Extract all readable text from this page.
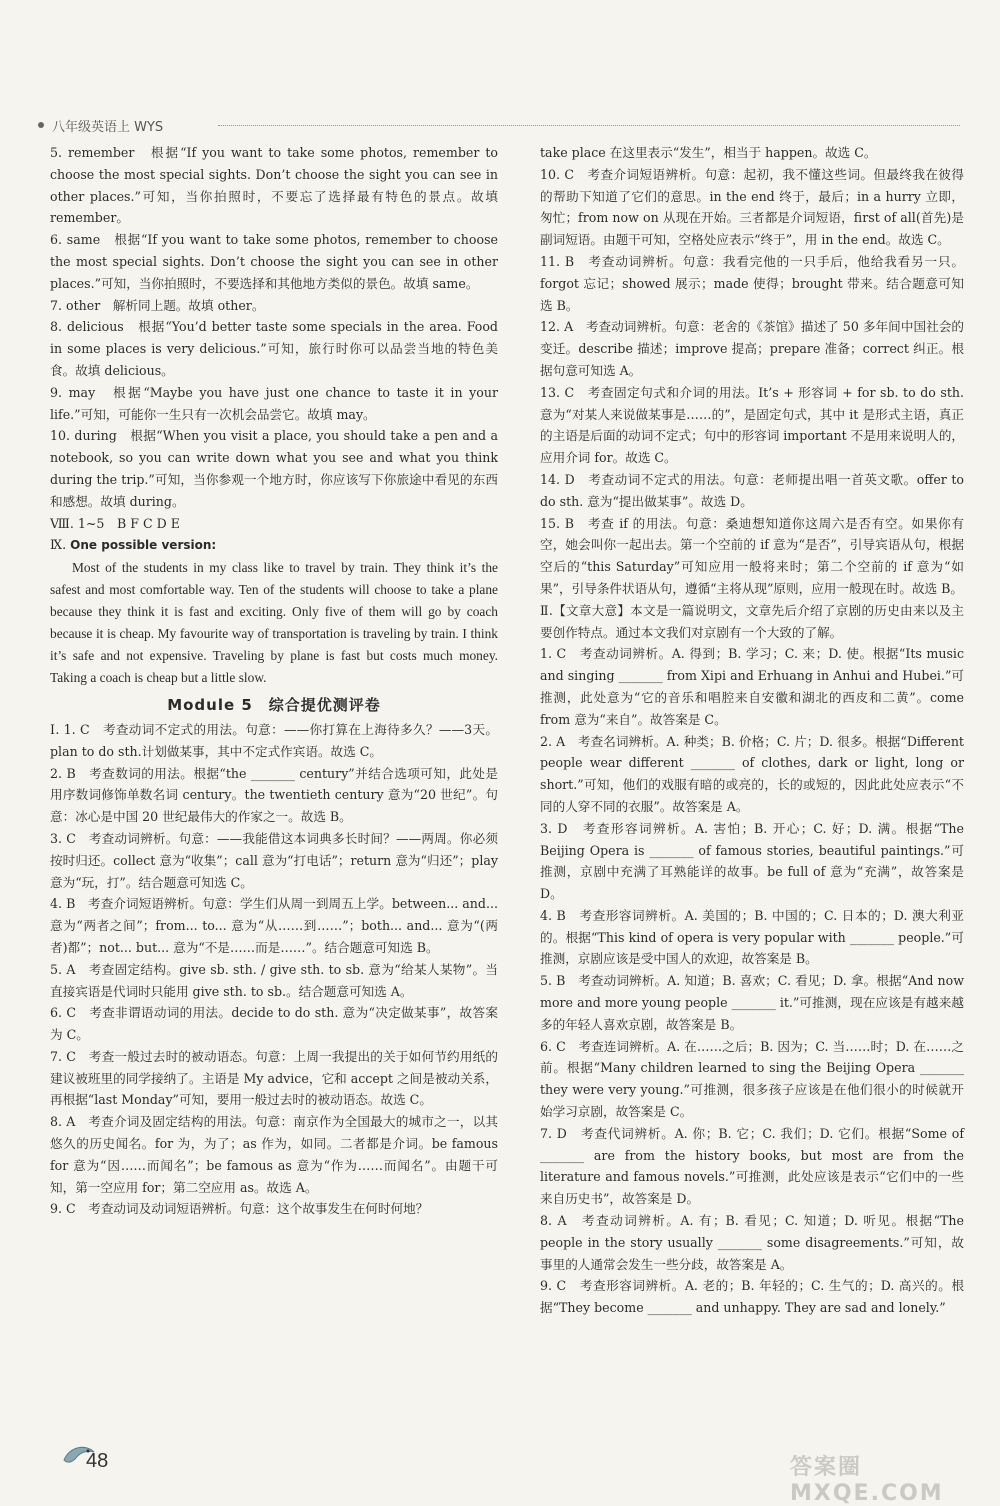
八年级英语上 WYS

5. remember　根据“If you want to take some photos, remember to choose the most special sights. Don’t choose the sight you can see in other places.”可知，当你拍照时，不要忘了选择最有特色的景点。故填 remember。

6. same　根据“If you want to take some photos, remember to choose the most special sights. Don’t choose the sight you can see in other places.”可知，当你拍照时，不要选择和其他地方类似的景色。故填 same。

7. other　解析同上题。故填 other。

8. delicious　根据“You’d better taste some specials in the area. Food in some places is very delicious.”可知，旅行时你可以品尝当地的特色美食。故填 delicious。

9. may　根据“Maybe you have just one chance to taste it in your life.”可知，可能你一生只有一次机会品尝它。故填 may。

10. during　根据“When you visit a place, you should take a pen and a notebook, so you can write down what you see and what you think during the trip.”可知，当你参观一个地方时，你应该写下你旅途中看见的东西和感想。故填 during。

Ⅷ. 1~5　B F C D E

Ⅸ. One possible version:

Most of the students in my class like to travel by train. They think it’s the safest and most comfortable way. Ten of the students will choose to take a plane because they think it is fast and exciting. Only five of them will go by coach because it is cheap. My favourite way of transportation is traveling by train. I think it’s safe and not expensive. Traveling by plane is fast but costs much money. Taking a coach is cheap but a little slow.

Module 5　综合提优测评卷

Ⅰ. 1. C　考查动词不定式的用法。句意：——你打算在上海待多久？——3天。plan to do sth.计划做某事，其中不定式作宾语。故选 C。

2. B　考查数词的用法。根据“the _______ century”并结合选项可知，此处是用序数词修饰单数名词 century。the twentieth century 意为“20 世纪”。句意：冰心是中国 20 世纪最伟大的作家之一。故选 B。

3. C　考查动词辨析。句意：——我能借这本词典多长时间？——两周。你必须按时归还。collect 意为“收集”；call 意为“打电话”；return 意为“归还”；play 意为“玩，打”。结合题意可知选 C。

4. B　考查介词短语辨析。句意：学生们从周一到周五上学。between... and... 意为“两者之间”；from... to... 意为“从……到……”；both... and... 意为“(两者)都”；not... but... 意为“不是……而是……”。结合题意可知选 B。

5. A　考查固定结构。give sb. sth. / give sth. to sb. 意为“给某人某物”。当直接宾语是代词时只能用 give sth. to sb.。结合题意可知选 A。

6. C　考查非谓语动词的用法。decide to do sth. 意为“决定做某事”，故答案为 C。

7. C　考查一般过去时的被动语态。句意：上周一我提出的关于如何节约用纸的建议被班里的同学接纳了。主语是 My advice，它和 accept 之间是被动关系，再根据“last Monday”可知，要用一般过去时的被动语态。故选 C。

8. A　考查介词及固定结构的用法。句意：南京作为全国最大的城市之一，以其悠久的历史闻名。for 为，为了；as 作为，如同。二者都是介词。be famous for 意为“因……而闻名”；be famous as 意为“作为……而闻名”。由题干可知，第一空应用 for；第二空应用 as。故选 A。

9. C　考查动词及动词短语辨析。句意：这个故事发生在何时何地？

take place 在这里表示“发生”，相当于 happen。故选 C。

10. C　考查介词短语辨析。句意：起初，我不懂这些词。但最终我在彼得的帮助下知道了它们的意思。in the end 终于，最后；in a hurry 立即，匆忙；from now on 从现在开始。三者都是介词短语，first of all(首先)是副词短语。由题干可知，空格处应表示“终于”，用 in the end。故选 C。

11. B　考查动词辨析。句意：我看完他的一只手后，他给我看另一只。forgot 忘记；showed 展示；made 使得；brought 带来。结合题意可知选 B。

12. A　考查动词辨析。句意：老舍的《茶馆》描述了 50 多年间中国社会的变迁。describe 描述；improve 提高；prepare 准备；correct 纠正。根据句意可知选 A。

13. C　考查固定句式和介词的用法。It’s + 形容词 + for sb. to do sth. 意为“对某人来说做某事是……的”，是固定句式，其中 it 是形式主语，真正的主语是后面的动词不定式；句中的形容词 important 不是用来说明人的，应用介词 for。故选 C。

14. D　考查动词不定式的用法。句意：老师提出唱一首英文歌。offer to do sth. 意为“提出做某事”。故选 D。

15. B　考查 if 的用法。句意：桑迪想知道你这周六是否有空。如果你有空，她会叫你一起出去。第一个空前的 if 意为“是否”，引导宾语从句，根据空后的“this Saturday”可知应用一般将来时；第二个空前的 if 意为“如果”，引导条件状语从句，遵循“主将从现”原则，应用一般现在时。故选 B。

Ⅱ.【文章大意】本文是一篇说明文，文章先后介绍了京剧的历史由来以及主要创作特点。通过本文我们对京剧有一个大致的了解。

1. C　考查动词辨析。A. 得到；B. 学习；C. 来；D. 使。根据“Its music and singing _______ from Xipi and Erhuang in Anhui and Hubei.”可推测，此处意为“它的音乐和唱腔来自安徽和湖北的西皮和二黄”。come from 意为“来自”。故答案是 C。

2. A　考查名词辨析。A. 种类；B. 价格；C. 片；D. 很多。根据“Different people wear different _______ of clothes, dark or light, long or short.”可知，他们的戏服有暗的或亮的，长的或短的，因此此处应表示“不同的人穿不同的衣服”。故答案是 A。

3. D　考查形容词辨析。A. 害怕；B. 开心；C. 好；D. 满。根据“The Beijing Opera is _______ of famous stories, beautiful paintings.”可推测，京剧中充满了耳熟能详的故事。be full of 意为“充满”，故答案是 D。

4. B　考查形容词辨析。A. 美国的；B. 中国的；C. 日本的；D. 澳大利亚的。根据“This kind of opera is very popular with _______ people.”可推测，京剧应该是受中国人的欢迎，故答案是 B。

5. B　考查动词辨析。A. 知道；B. 喜欢；C. 看见；D. 拿。根据“And now more and more young people _______ it.”可推测，现在应该是有越来越多的年轻人喜欢京剧，故答案是 B。

6. C　考查连词辨析。A. 在……之后；B. 因为；C. 当……时；D. 在……之前。根据“Many children learned to sing the Beijing Opera _______ they were very young.”可推测，很多孩子应该是在他们很小的时候就开始学习京剧，故答案是 C。

7. D　考查代词辨析。A. 你；B. 它；C. 我们；D. 它们。根据“Some of _______ are from the history books, but most are from the literature and famous novels.”可推测，此处应该是表示“它们中的一些来自历史书”，故答案是 D。

8. A　考查动词辨析。A. 有；B. 看见；C. 知道；D. 听见。根据“The people in the story usually _______ some disagreements.”可知，故事里的人通常会发生一些分歧，故答案是 A。

9. C　考查形容词辨析。A. 老的；B. 年轻的；C. 生气的；D. 高兴的。根据“They become _______ and unhappy. They are sad and lonely.”

48	答案圈 MXQE.COM
